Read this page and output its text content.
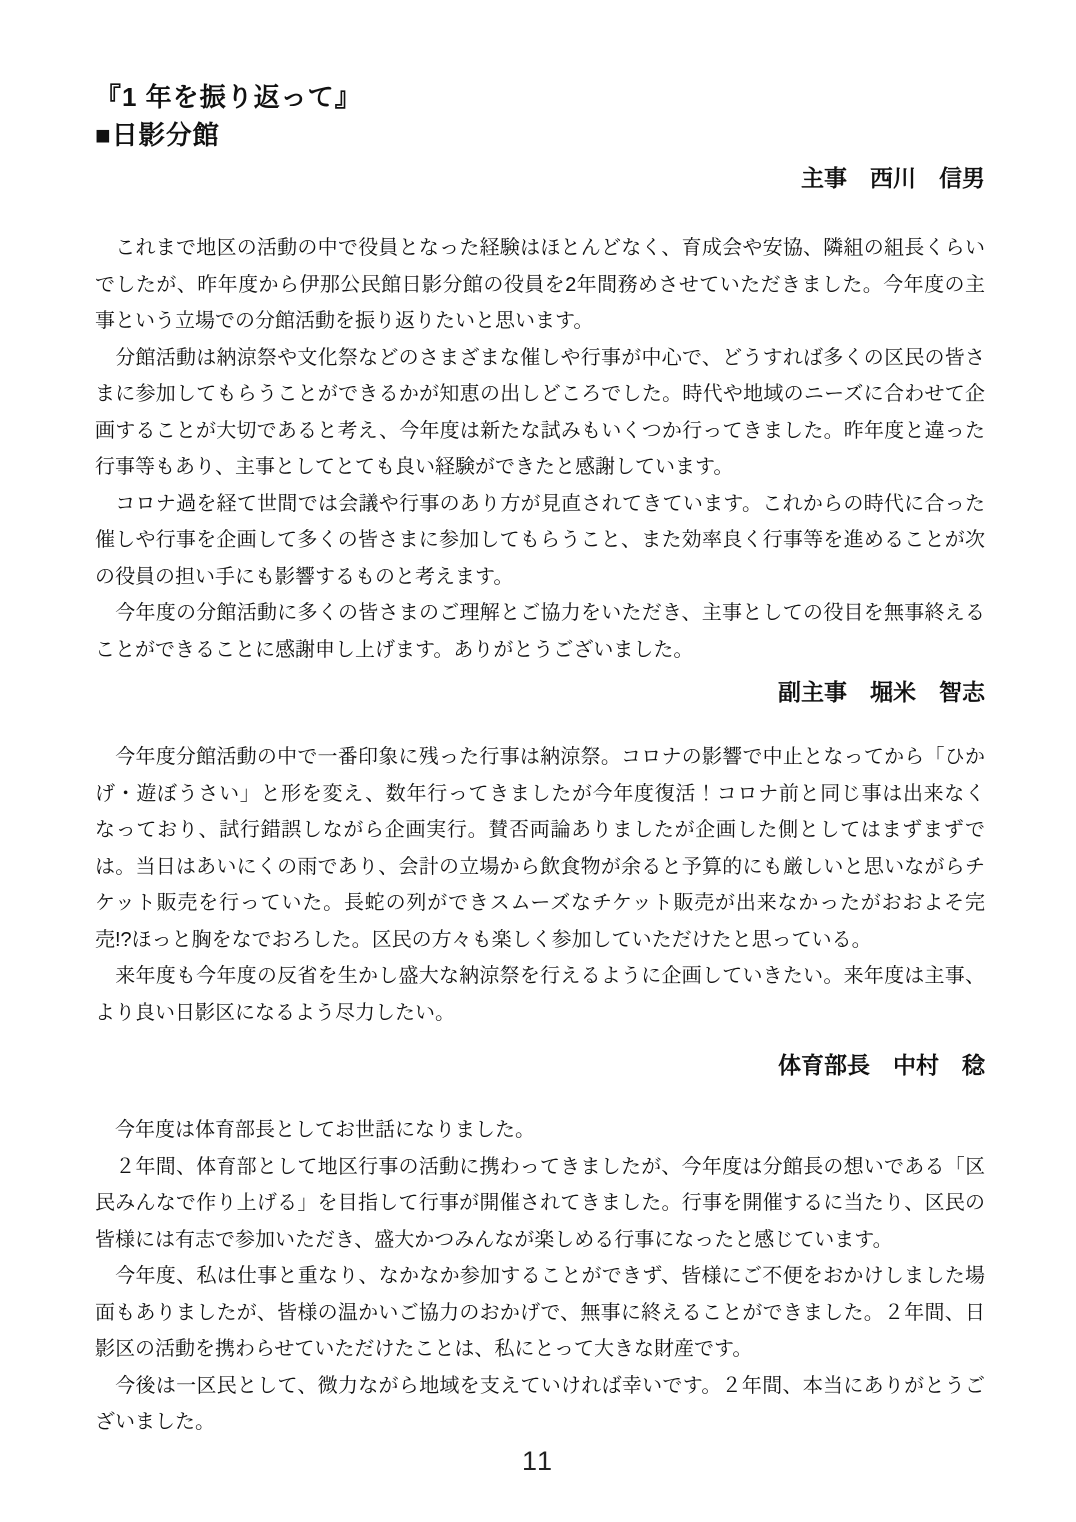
『1 年を振り返って』
■日影分館
主事　西川　信男

　これまで地区の活動の中で役員となった経験はほとんどなく、育成会や安協、隣組の組長くらいでしたが、昨年度から伊那公民館日影分館の役員を2年間務めさせていただきました。今年度の主事という立場での分館活動を振り返りたいと思います。

　分館活動は納涼祭や文化祭などのさまざまな催しや行事が中心で、どうすれば多くの区民の皆さまに参加してもらうことができるかが知恵の出しどころでした。時代や地域のニーズに合わせて企画することが大切であると考え、今年度は新たな試みもいくつか行ってきました。昨年度と違った行事等もあり、主事としてとても良い経験ができたと感謝しています。

　コロナ過を経て世間では会議や行事のあり方が見直されてきています。これからの時代に合った催しや行事を企画して多くの皆さまに参加してもらうこと、また効率良く行事等を進めることが次の役員の担い手にも影響するものと考えます。

　今年度の分館活動に多くの皆さまのご理解とご協力をいただき、主事としての役目を無事終えることができることに感謝申し上げます。ありがとうございました。

副主事　堀米　智志

　今年度分館活動の中で一番印象に残った行事は納涼祭。コロナの影響で中止となってから「ひかげ・遊ぼうさい」と形を変え、数年行ってきましたが今年度復活！コロナ前と同じ事は出来なくなっており、試行錯誤しながら企画実行。賛否両論ありましたが企画した側としてはまずまずでは。当日はあいにくの雨であり、会計の立場から飲食物が余ると予算的にも厳しいと思いながらチケット販売を行っていた。長蛇の列ができスムーズなチケット販売が出来なかったがおおよそ完売!?ほっと胸をなでおろした。区民の方々も楽しく参加していただけたと思っている。

　来年度も今年度の反省を生かし盛大な納涼祭を行えるように企画していきたい。来年度は主事、より良い日影区になるよう尽力したい。

体育部長　中村　稔

　今年度は体育部長としてお世話になりました。

　２年間、体育部として地区行事の活動に携わってきましたが、今年度は分館長の想いである「区民みんなで作り上げる」を目指して行事が開催されてきました。行事を開催するに当たり、区民の皆様には有志で参加いただき、盛大かつみんなが楽しめる行事になったと感じています。

　今年度、私は仕事と重なり、なかなか参加することができず、皆様にご不便をおかけしました場面もありましたが、皆様の温かいご協力のおかげで、無事に終えることができました。２年間、日影区の活動を携わらせていただけたことは、私にとって大きな財産です。

　今後は一区民として、微力ながら地域を支えていければ幸いです。２年間、本当にありがとうございました。

11
